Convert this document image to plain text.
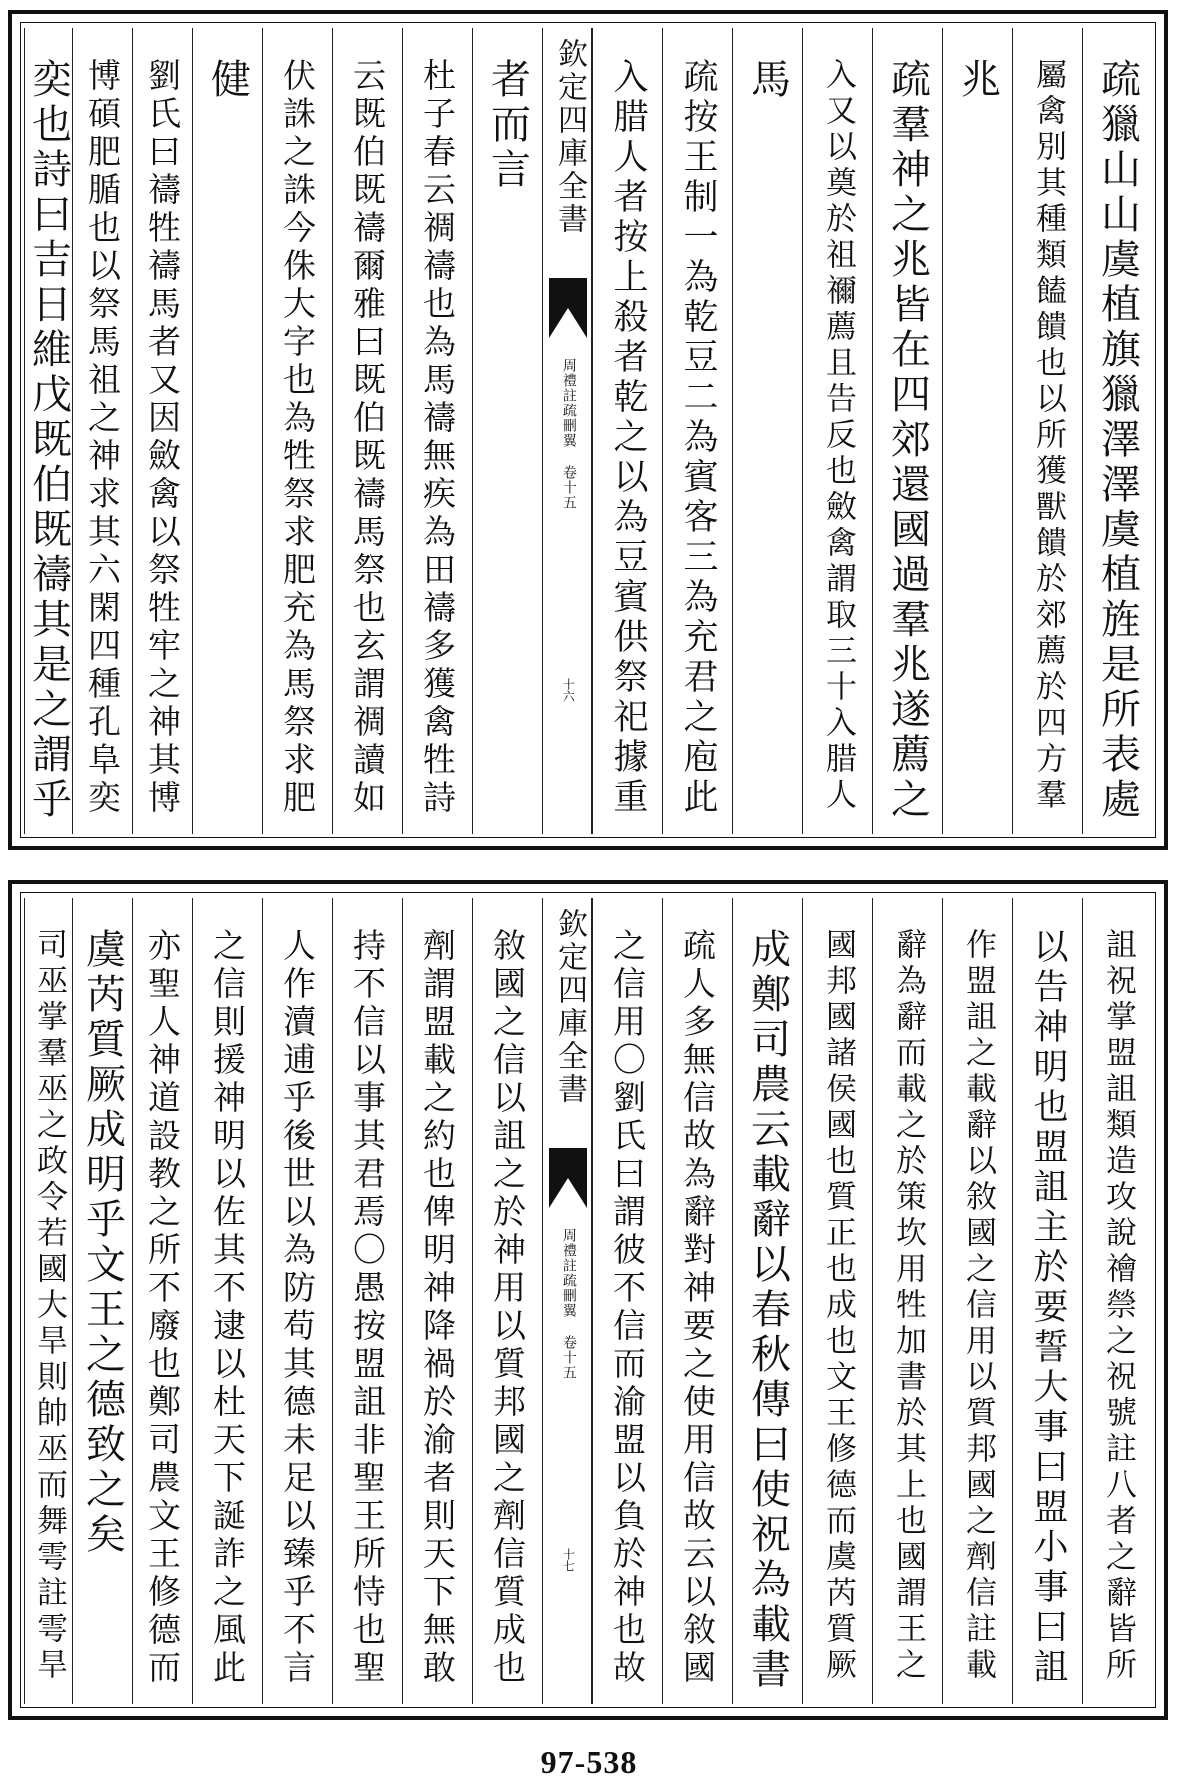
疏獵山山虞植旗獵澤澤虞植旌是所表處
屬禽別其種類饁饋也以所獲獸饋於郊薦於四方羣
兆
疏羣神之兆皆在四郊還國過羣兆遂薦之
入又以奠於祖禰薦且告反也斂禽謂取三十入腊人
馬
疏按王制一為乾豆二為賓客三為充君之庖此
入腊人者按上殺者乾之以為豆賓供祭祀據重
欽定四庫全書
周禮註疏刪翼 卷十五
十六
者而言
杜子春云禂禱也為馬禱無疾為田禱多獲禽牲詩
云既伯既禱爾雅曰既伯既禱馬祭也玄謂禂讀如
伏誅之誅今侏大字也為牲祭求肥充為馬祭求肥
健
劉氏曰禱牲禱馬者又因斂禽以祭牲牢之神其博
博碩肥腯也以祭馬祖之神求其六閑四種孔阜奕
奕也詩曰吉日維戊既伯既禱其是之謂乎
詛祝掌盟詛類造攻說禬禜之祝號註八者之辭皆所
以告神明也盟詛主於要誓大事曰盟小事曰詛
作盟詛之載辭以敘國之信用以質邦國之劑信註載
辭為辭而載之於策坎用牲加書於其上也國謂王之
國邦國諸侯國也質正也成也文王修德而虞芮質厥
成鄭司農云載辭以春秋傳曰使祝為載書
疏人多無信故為辭對神要之使用信故云以敘國
之信用〇劉氏曰謂彼不信而渝盟以負於神也故
欽定四庫全書
周禮註疏刪翼 卷十五
十七
敘國之信以詛之於神用以質邦國之劑信質成也
劑謂盟載之約也俾明神降禍於渝者則天下無敢
持不信以事其君焉〇愚按盟詛非聖王所恃也聖
人作瀆逋乎後世以為防苟其德未足以臻乎不言
之信則援神明以佐其不逮以杜天下誕詐之風此
亦聖人神道設教之所不廢也鄭司農文王修德而
虞芮質厥成明乎文王之德致之矣
司巫掌羣巫之政令若國大旱則帥巫而舞雩註雩旱
97-538
